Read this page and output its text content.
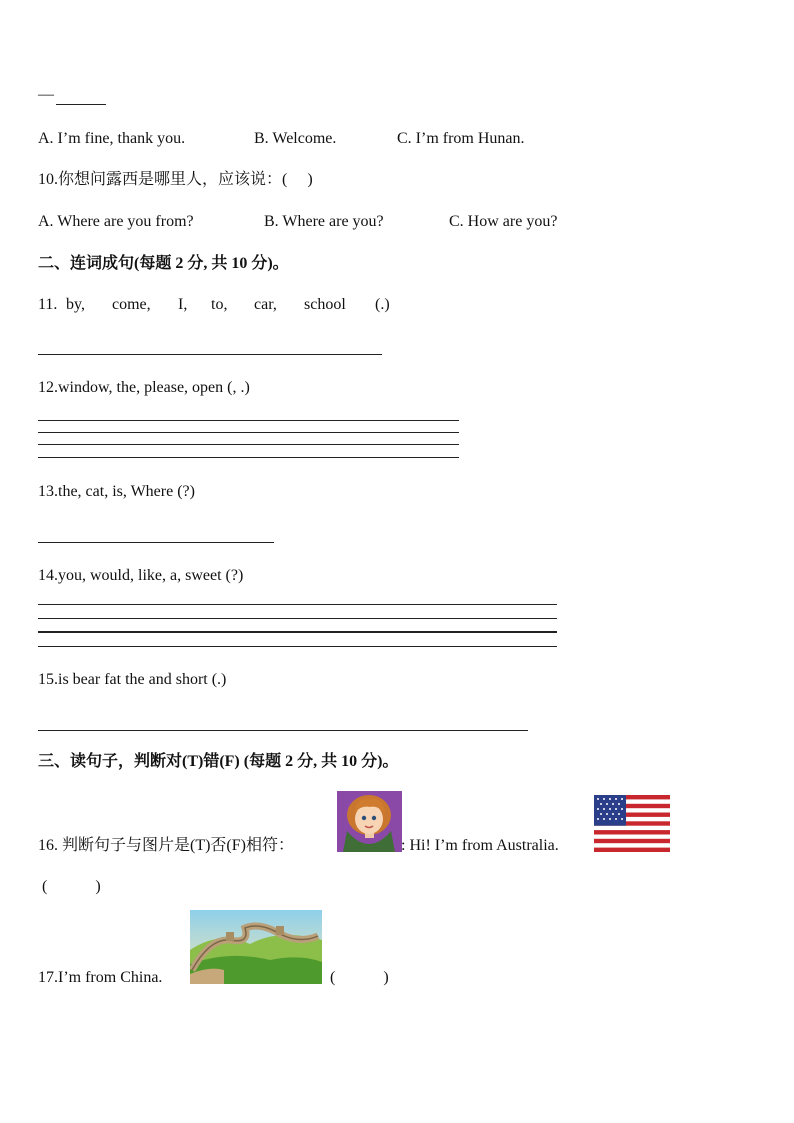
—
A. I’m fine, thank you.	B. Welcome.	C. I’m from Hunan.
10.你想问露西是哪里人，应该说：(　 )
A. Where are you from?	B. Where are you?	C. How are you?
二、连词成句(每题 2 分, 共 10 分)。
11. by, come, I, to, car, school (.)
12.window, the, please, open (, .)
13.the, cat, is, Where (?)
14.you, would, like, a, sweet (?)
15.is bear fat the and short (.)
三、读句子，判断对(T)错(F) (每题 2 分, 共 10 分)。
16. 判断句子与图片是(T)否(F)相符：	: Hi! I’m from Australia.
(　　　)
17.I’m from China.	(　　　)
